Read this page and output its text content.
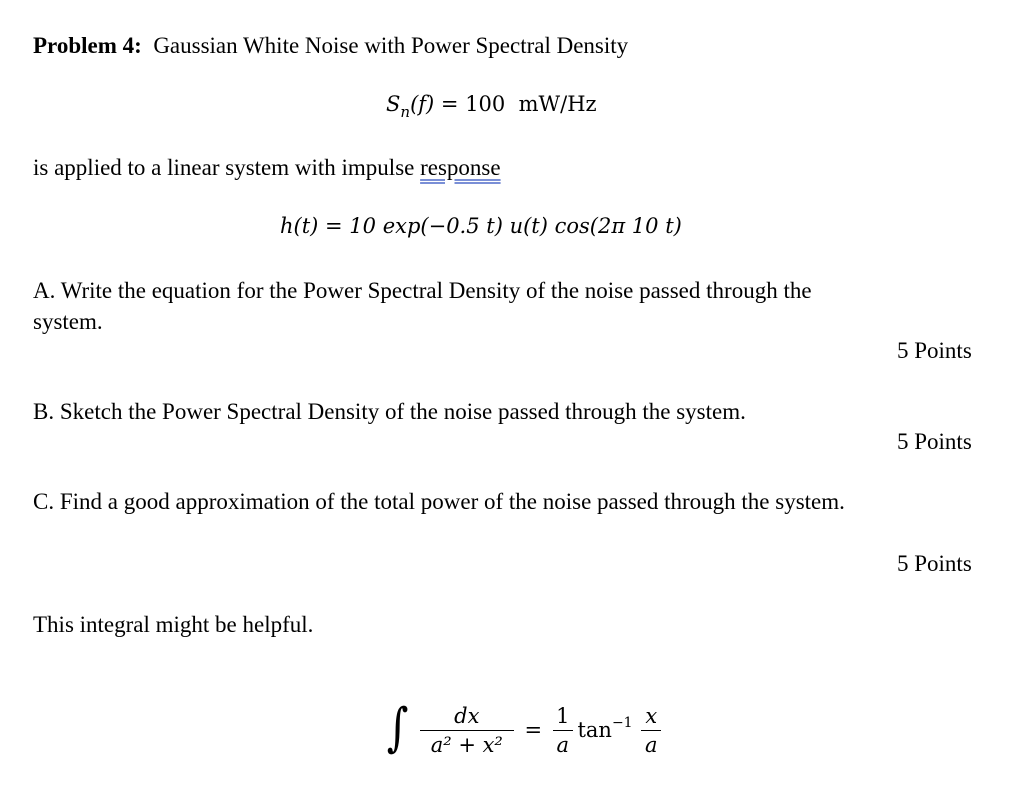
Problem 4: Gaussian White Noise with Power Spectral Density
$S_n(f) = 100$  mW/Hz
is applied to a linear system with impulse response
h(t) = 10 exp(−0.5 t) u(t) cos(2π 10 t)
A. Write the equation for the Power Spectral Density of the noise passed through the
system.
5 Points
B. Sketch the Power Spectral Density of the noise passed through the system.
5 Points
C. Find a good approximation of the total power of the noise passed through the system.
5 Points
This integral might be helpful.
∫ $\frac{dx}{\text{a² + x²}} = \frac{1}{a} \tan^{-1} \frac{x}{a}$
